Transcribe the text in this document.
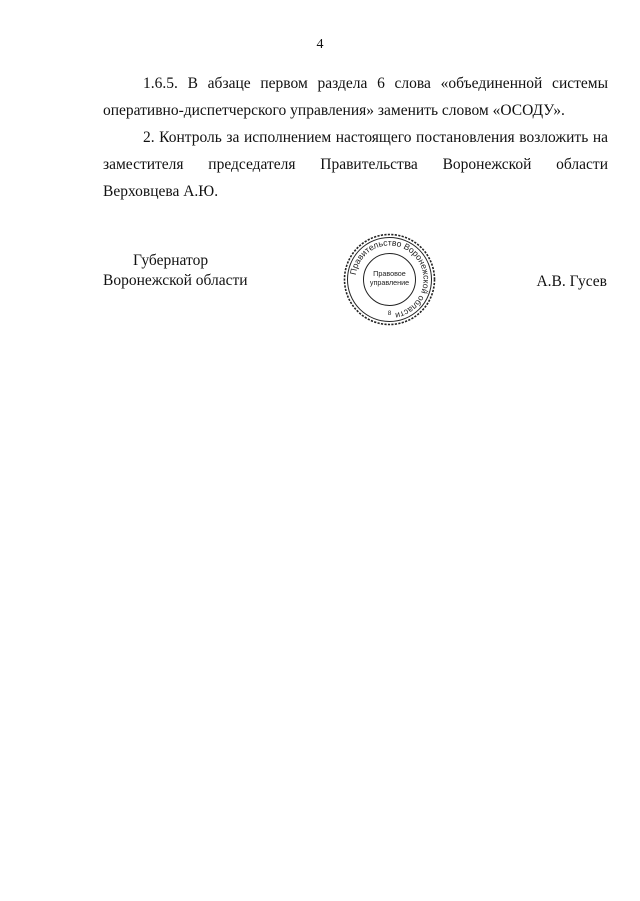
4

1.6.5. В абзаце первом раздела 6 слова «объединенной системы оперативно-диспетчерского управления» заменить словом «ОСОДУ».

2. Контроль за исполнением настоящего постановления возложить на
заместителя председателя Правительства Воронежской области
Верховцева А.Ю.

Губернатор
Воронежской области
Правительство Воронежской области
Правовое
управление
8
А.В. Гусев
